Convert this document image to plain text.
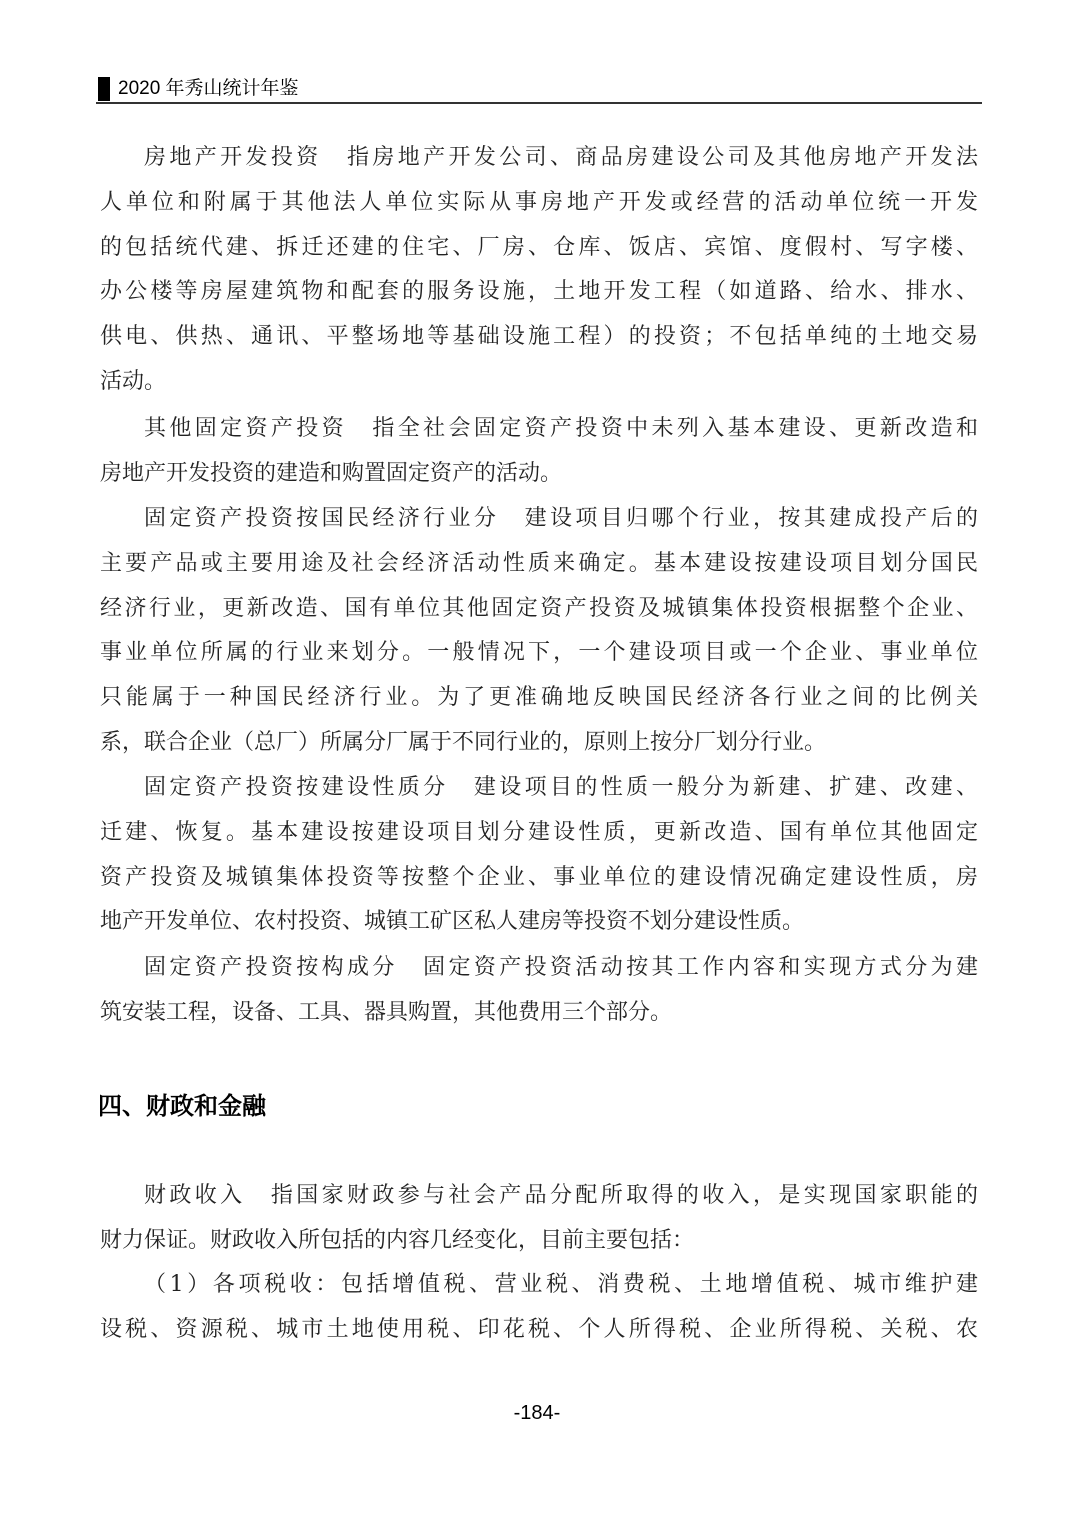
2020 年秀山统计年鉴
房地产开发投资　指房地产开发公司、商品房建设公司及其他房地产开发法
人单位和附属于其他法人单位实际从事房地产开发或经营的活动单位统一开发
的包括统代建、拆迁还建的住宅、厂房、仓库、饭店、宾馆、度假村、写字楼、
办公楼等房屋建筑物和配套的服务设施，土地开发工程（如道路、给水、排水、
供电、供热、通讯、平整场地等基础设施工程）的投资；不包括单纯的土地交易
活动。
其他固定资产投资　指全社会固定资产投资中未列入基本建设、更新改造和
房地产开发投资的建造和购置固定资产的活动。
固定资产投资按国民经济行业分　建设项目归哪个行业，按其建成投产后的
主要产品或主要用途及社会经济活动性质来确定。基本建设按建设项目划分国民
经济行业，更新改造、国有单位其他固定资产投资及城镇集体投资根据整个企业、
事业单位所属的行业来划分。一般情况下，一个建设项目或一个企业、事业单位
只能属于一种国民经济行业。为了更准确地反映国民经济各行业之间的比例关
系，联合企业（总厂）所属分厂属于不同行业的，原则上按分厂划分行业。
固定资产投资按建设性质分　建设项目的性质一般分为新建、扩建、改建、
迁建、恢复。基本建设按建设项目划分建设性质，更新改造、国有单位其他固定
资产投资及城镇集体投资等按整个企业、事业单位的建设情况确定建设性质，房
地产开发单位、农村投资、城镇工矿区私人建房等投资不划分建设性质。
固定资产投资按构成分　固定资产投资活动按其工作内容和实现方式分为建
筑安装工程，设备、工具、器具购置，其他费用三个部分。
四、财政和金融
财政收入　指国家财政参与社会产品分配所取得的收入，是实现国家职能的
财力保证。财政收入所包括的内容几经变化，目前主要包括：
（1）各项税收：包括增值税、营业税、消费税、土地增值税、城市维护建
设税、资源税、城市土地使用税、印花税、个人所得税、企业所得税、关税、农
-184-
